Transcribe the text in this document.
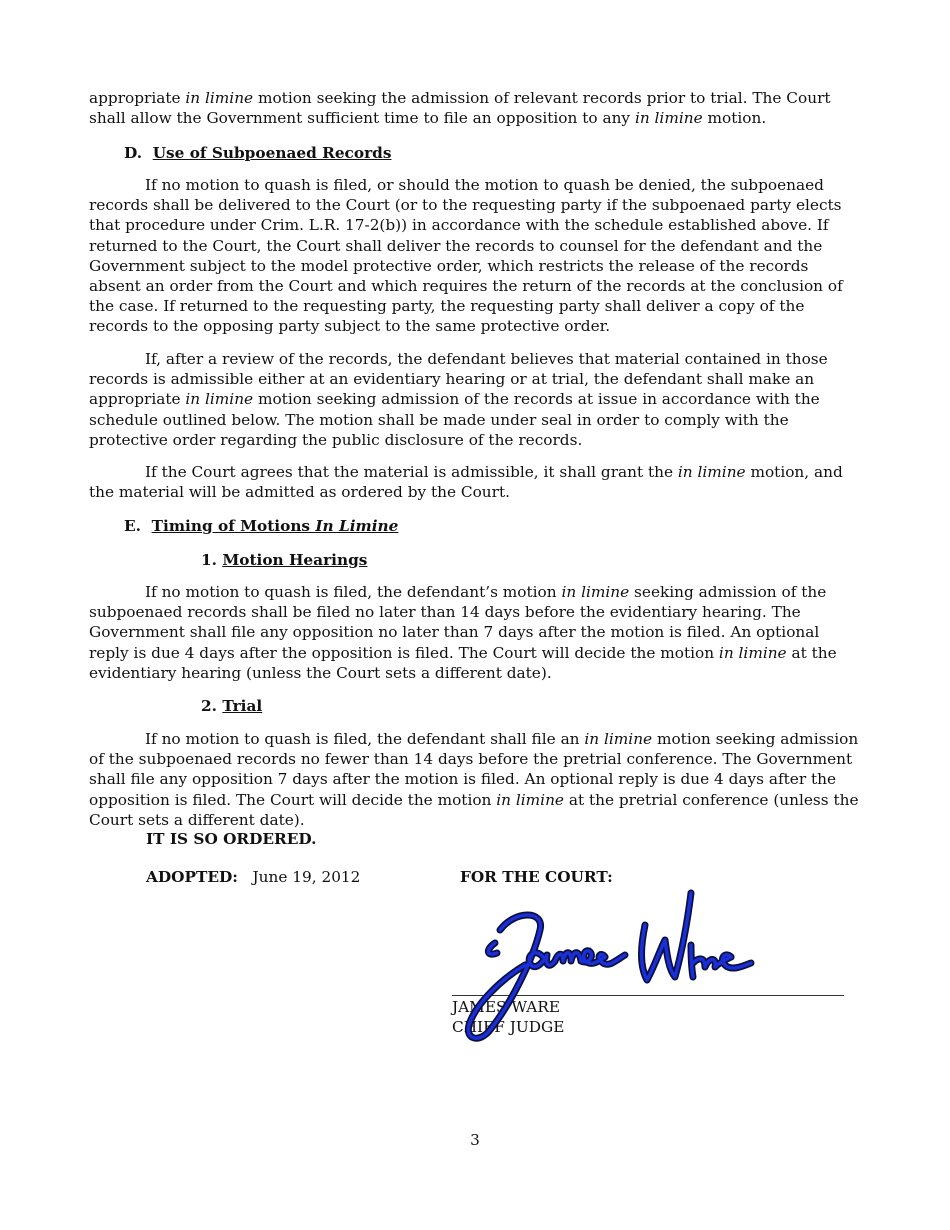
appropriate in limine motion seeking the admission of relevant records prior to trial. The Court shall allow the Government sufficient time to file an opposition to any in limine motion.

D. Use of Subpoenaed Records

If no motion to quash is filed, or should the motion to quash be denied, the subpoenaed records shall be delivered to the Court (or to the requesting party if the subpoenaed party elects that procedure under Crim. L.R. 17-2(b)) in accordance with the schedule established above. If returned to the Court, the Court shall deliver the records to counsel for the defendant and the Government subject to the model protective order, which restricts the release of the records absent an order from the Court and which requires the return of the records at the conclusion of the case. If returned to the requesting party, the requesting party shall deliver a copy of the records to the opposing party subject to the same protective order.

If, after a review of the records, the defendant believes that material contained in those records is admissible either at an evidentiary hearing or at trial, the defendant shall make an appropriate in limine motion seeking admission of the records at issue in accordance with the schedule outlined below. The motion shall be made under seal in order to comply with the protective order regarding the public disclosure of the records.

If the Court agrees that the material is admissible, it shall grant the in limine motion, and the material will be admitted as ordered by the Court.

E. Timing of Motions In Limine

1. Motion Hearings

If no motion to quash is filed, the defendant’s motion in limine seeking admission of the subpoenaed records shall be filed no later than 14 days before the evidentiary hearing. The Government shall file any opposition no later than 7 days after the motion is filed. An optional reply is due 4 days after the opposition is filed. The Court will decide the motion in limine at the evidentiary hearing (unless the Court sets a different date).

2. Trial

If no motion to quash is filed, the defendant shall file an in limine motion seeking admission of the subpoenaed records no fewer than 14 days before the pretrial conference. The Government shall file any opposition 7 days after the motion is filed. An optional reply is due 4 days after the opposition is filed. The Court will decide the motion in limine at the pretrial conference (unless the Court sets a different date).

IT IS SO ORDERED.
ADOPTED: June 19, 2012	FOR THE COURT:
JAMES WARE
CHIEF JUDGE
3
